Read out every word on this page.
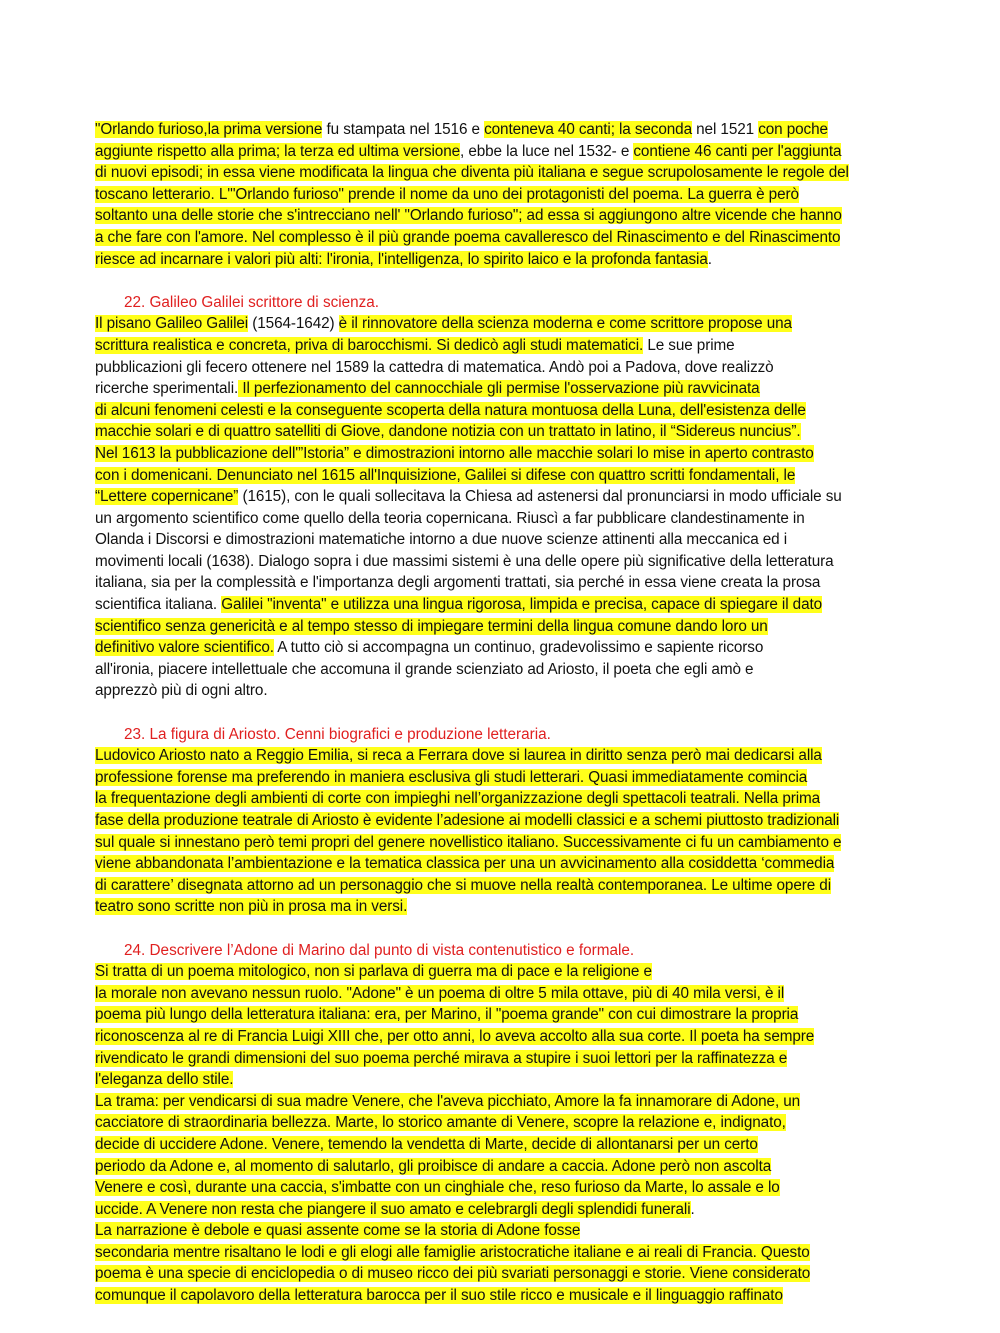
"Orlando furioso,la prima versione fu stampata nel 1516 e conteneva 40 canti; la seconda nel 1521 con poche
aggiunte rispetto alla prima; la terza ed ultima versione, ebbe la luce nel 1532- e contiene 46 canti per l'aggiunta
di nuovi episodi; in essa viene modificata la lingua che diventa più italiana e segue scrupolosamente le regole del
toscano letterario. L'"Orlando furioso" prende il nome da uno dei protagonisti del poema. La guerra è però
soltanto una delle storie che s'intrecciano nell' "Orlando furioso"; ad essa si aggiungono altre vicende che hanno
a che fare con l'amore. Nel complesso è il più grande poema cavalleresco del Rinascimento e del Rinascimento
riesce ad incarnare i valori più alti: l'ironia, l'intelligenza, lo spirito laico e la profonda fantasia.
22. Galileo Galilei scrittore di scienza.
Il pisano Galileo Galilei (1564-1642) è il rinnovatore della scienza moderna e come scrittore propose una
scrittura realistica e concreta, priva di barocchismi. Si dedicò agli studi matematici. Le sue prime
pubblicazioni gli fecero ottenere nel 1589 la cattedra di matematica. Andò poi a Padova, dove realizzò
ricerche sperimentali. Il perfezionamento del cannocchiale gli permise l'osservazione più ravvicinata
di alcuni fenomeni celesti e la conseguente scoperta della natura montuosa della Luna, dell'esistenza delle
macchie solari e di quattro satelliti di Giove, dandone notizia con un trattato in latino, il “Sidereus nuncius”.
Nel 1613 la pubblicazione dell'”Istoria” e dimostrazioni intorno alle macchie solari lo mise in aperto contrasto
con i domenicani. Denunciato nel 1615 all'Inquisizione, Galilei si difese con quattro scritti fondamentali, le
“Lettere copernicane” (1615), con le quali sollecitava la Chiesa ad astenersi dal pronunciarsi in modo ufficiale su
un argomento scientifico come quello della teoria copernicana. Riuscì a far pubblicare clandestinamente in
Olanda i Discorsi e dimostrazioni matematiche intorno a due nuove scienze attinenti alla meccanica ed i
movimenti locali (1638). Dialogo sopra i due massimi sistemi è una delle opere più significative della letteratura
italiana, sia per la complessità e l'importanza degli argomenti trattati, sia perché in essa viene creata la prosa
scientifica italiana. Galilei "inventa" e utilizza una lingua rigorosa, limpida e precisa, capace di spiegare il dato
scientifico senza genericità e al tempo stesso di impiegare termini della lingua comune dando loro un
definitivo valore scientifico. A tutto ciò si accompagna un continuo, gradevolissimo e sapiente ricorso
all'ironia, piacere intellettuale che accomuna il grande scienziato ad Ariosto, il poeta che egli amò e
apprezzò più di ogni altro.
23. La figura di Ariosto. Cenni biografici e produzione letteraria.
Ludovico Ariosto nato a Reggio Emilia, si reca a Ferrara dove si laurea in diritto senza però mai dedicarsi alla
professione forense ma preferendo in maniera esclusiva gli studi letterari. Quasi immediatamente comincia
la frequentazione degli ambienti di corte con impieghi nell’organizzazione degli spettacoli teatrali. Nella prima
fase della produzione teatrale di Ariosto è evidente l’adesione ai modelli classici e a schemi piuttosto tradizionali
sul quale si innestano però temi propri del genere novellistico italiano. Successivamente ci fu un cambiamento e
viene abbandonata l’ambientazione e la tematica classica per una un avvicinamento alla cosiddetta ‘commedia
di carattere’ disegnata attorno ad un personaggio che si muove nella realtà contemporanea. Le ultime opere di
teatro sono scritte non più in prosa ma in versi.
24. Descrivere l’Adone di Marino dal punto di vista contenutistico e formale.
Si tratta di un poema mitologico, non si parlava di guerra ma di pace e la religione e
la morale non avevano nessun ruolo. "Adone" è un poema di oltre 5 mila ottave, più di 40 mila versi, è il
poema più lungo della letteratura italiana: era, per Marino, il "poema grande" con cui dimostrare la propria
riconoscenza al re di Francia Luigi XIII che, per otto anni, lo aveva accolto alla sua corte. Il poeta ha sempre
rivendicato le grandi dimensioni del suo poema perché mirava a stupire i suoi lettori per la raffinatezza e
l'eleganza dello stile.
La trama: per vendicarsi di sua madre Venere, che l'aveva picchiato, Amore la fa innamorare di Adone, un
cacciatore di straordinaria bellezza. Marte, lo storico amante di Venere, scopre la relazione e, indignato,
decide di uccidere Adone. Venere, temendo la vendetta di Marte, decide di allontanarsi per un certo
periodo da Adone e, al momento di salutarlo, gli proibisce di andare a caccia. Adone però non ascolta
Venere e così, durante una caccia, s'imbatte con un cinghiale che, reso furioso da Marte, lo assale e lo
uccide. A Venere non resta che piangere il suo amato e celebrargli degli splendidi funerali.
La narrazione è debole e quasi assente come se la storia di Adone fosse
secondaria mentre risaltano le lodi e gli elogi alle famiglie aristocratiche italiane e ai reali di Francia. Questo
poema è una specie di enciclopedia o di museo ricco dei più svariati personaggi e storie. Viene considerato
comunque il capolavoro della letteratura barocca per il suo stile ricco e musicale e il linguaggio raffinato
